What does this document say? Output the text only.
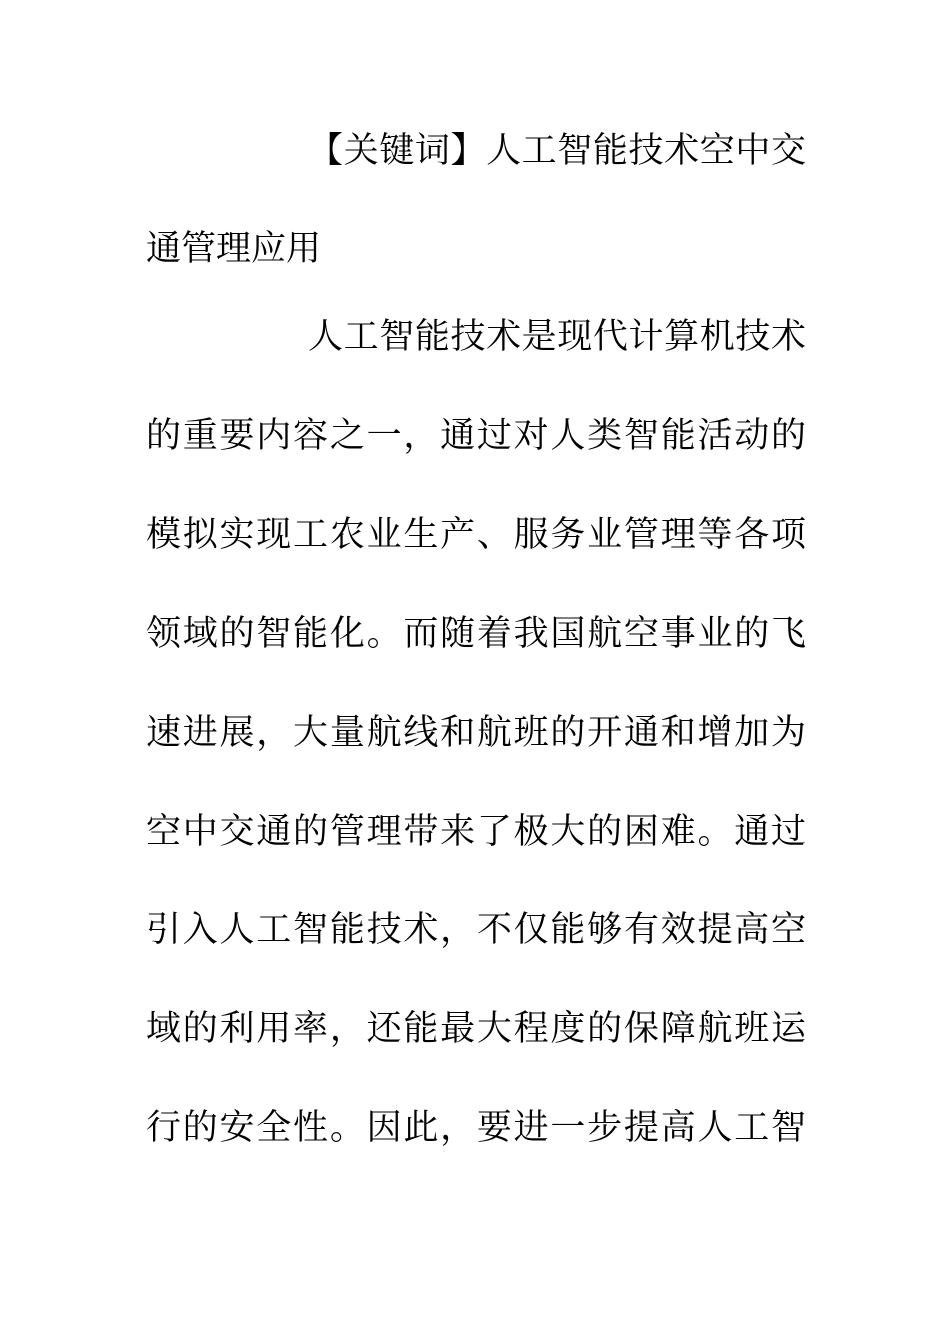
【关键词】人工智能技术空中交
通管理应用
人工智能技术是现代计算机技术
的重要内容之一，通过对人类智能活动的
模拟实现工农业生产、服务业管理等各项
领域的智能化。而随着我国航空事业的飞
速进展，大量航线和航班的开通和增加为
空中交通的管理带来了极大的困难。通过
引入人工智能技术，不仅能够有效提高空
域的利用率，还能最大程度的保障航班运
行的安全性。因此，要进一步提高人工智
